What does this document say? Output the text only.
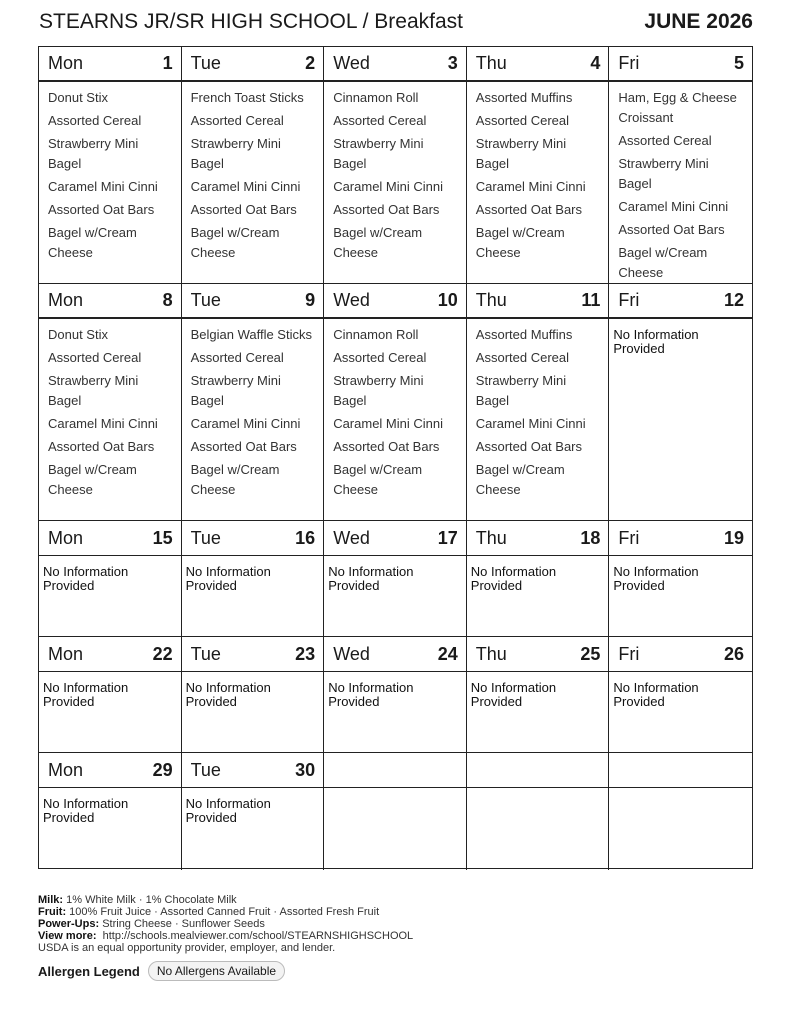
STEARNS JR/SR HIGH SCHOOL / Breakfast	JUNE 2026
Mon	1
Donut Stix
Assorted Cereal
Strawberry Mini Bagel
Caramel Mini Cinni
Assorted Oat Bars
Bagel w/Cream Cheese
Tue	2
French Toast Sticks
Assorted Cereal
Strawberry Mini Bagel
Caramel Mini Cinni
Assorted Oat Bars
Bagel w/Cream Cheese
Wed	3
Cinnamon Roll
Assorted Cereal
Strawberry Mini Bagel
Caramel Mini Cinni
Assorted Oat Bars
Bagel w/Cream Cheese
Thu	4
Assorted Muffins
Assorted Cereal
Strawberry Mini Bagel
Caramel Mini Cinni
Assorted Oat Bars
Bagel w/Cream Cheese
Fri	5
Ham, Egg & Cheese Croissant
Assorted Cereal
Strawberry Mini Bagel
Caramel Mini Cinni
Assorted Oat Bars
Bagel w/Cream Cheese
Mon	8
Donut Stix
Assorted Cereal
Strawberry Mini Bagel
Caramel Mini Cinni
Assorted Oat Bars
Bagel w/Cream Cheese
Tue	9
Belgian Waffle Sticks
Assorted Cereal
Strawberry Mini Bagel
Caramel Mini Cinni
Assorted Oat Bars
Bagel w/Cream Cheese
Wed	10
Cinnamon Roll
Assorted Cereal
Strawberry Mini Bagel
Caramel Mini Cinni
Assorted Oat Bars
Bagel w/Cream Cheese
Thu	11
Assorted Muffins
Assorted Cereal
Strawberry Mini Bagel
Caramel Mini Cinni
Assorted Oat Bars
Bagel w/Cream Cheese
Fri	12
No Information Provided
Mon	15
No Information Provided
Tue	16
No Information Provided
Wed	17
No Information Provided
Thu	18
No Information Provided
Fri	19
No Information Provided
Mon	22
No Information Provided
Tue	23
No Information Provided
Wed	24
No Information Provided
Thu	25
No Information Provided
Fri	26
No Information Provided
Mon	29
No Information Provided
Tue	30
No Information Provided
Milk: 1% White Milk · 1% Chocolate Milk
Fruit: 100% Fruit Juice · Assorted Canned Fruit · Assorted Fresh Fruit
Power-Ups: String Cheese · Sunflower Seeds
View more: http://schools.mealviewer.com/school/STEARNSHIGHSCHOOL
USDA is an equal opportunity provider, employer, and lender.
Allergen Legend	No Allergens Available
